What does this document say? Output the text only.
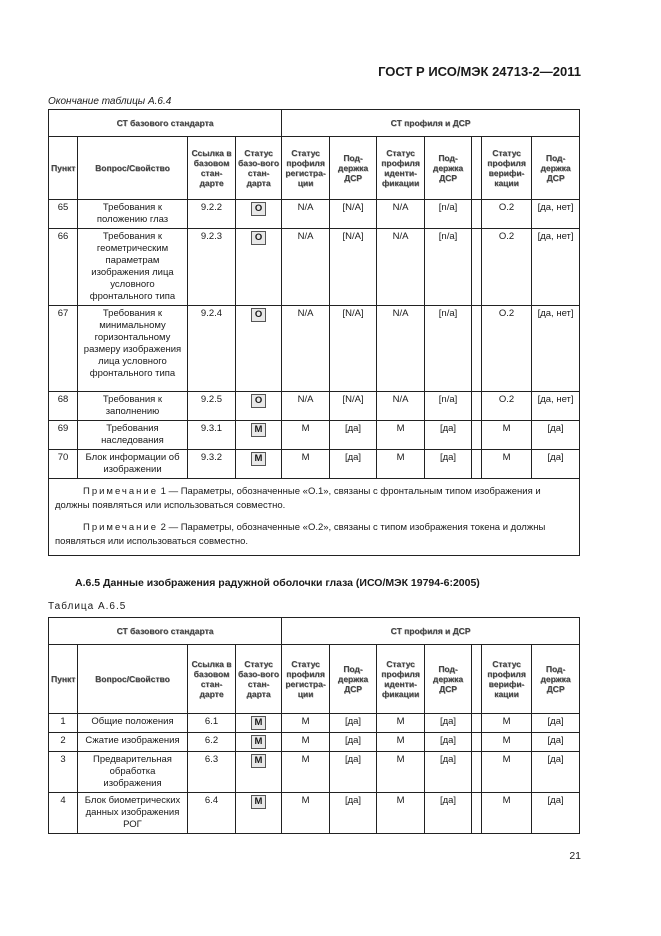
ГОСТ Р ИСО/МЭК 24713-2—2011
Окончание таблицы А.6.4
СТ базового стандарта				СТ профиля и ДСР						
Пункт	Вопрос/Свойство	Ссылка в базовом стан-дарте	Статус базо-вого стан-дарта	Статус профиля регистра-ции	Под-держка ДСР	Статус профиля иденти-фикации	Под-держка ДСР		Статус профиля верифи-кации	Под-держка ДСР
65	Требования к положению глаз	9.2.2	О	N/A	[N/A]	N/A	[n/a]		O.2	[да, нет]
66	Требования к геометрическим параметрам изображения лица условного фронтального типа	9.2.3	О	N/A	[N/A]	N/A	[n/a]		O.2	[да, нет]
67	Требования к минимальному горизонтальному размеру изображения лица условного фронтального типа	9.2.4	О	N/A	[N/A]	N/A	[n/a]		O.2	[да, нет]
68	Требования к заполнению	9.2.5	О	N/A	[N/A]	N/A	[n/a]		O.2	[да, нет]
69	Требования наследования	9.3.1	М	M	[да]	M	[да]		M	[да]
70	Блок информации об изображении	9.3.2	М	M	[да]	M	[да]		M	[да]

Примечание 1 — Параметры, обозначенные «О.1», связаны с фронтальным типом изображения и должны появляться или использоваться совместно.

Примечание 2 — Параметры, обозначенные «О.2», связаны с типом изображения токена и должны появляться или использоваться совместно.										

А.6.5 Данные изображения радужной оболочки глаза (ИСО/МЭК 19794-6:2005)
Таблица А.6.5
СТ базового стандарта				СТ профиля и ДСР						
Пункт	Вопрос/Свойство	Ссылка в базовом стан-дарте	Статус базо-вого стан-дарта	Статус профиля регистра-ции	Под-держка ДСР	Статус профиля иденти-фикации	Под-держка ДСР		Статус профиля верифи-кации	Под-держка ДСР
1	Общие положения	6.1	М	M	[да]	M	[да]		M	[да]
2	Сжатие изображения	6.2	М	M	[да]	M	[да]		M	[да]
3	Предварительная обработка изображения	6.3	М	M	[да]	M	[да]		M	[да]
4	Блок биометрических данных изображения РОГ	6.4	М	M	[да]	M	[да]		M	[да]
21
